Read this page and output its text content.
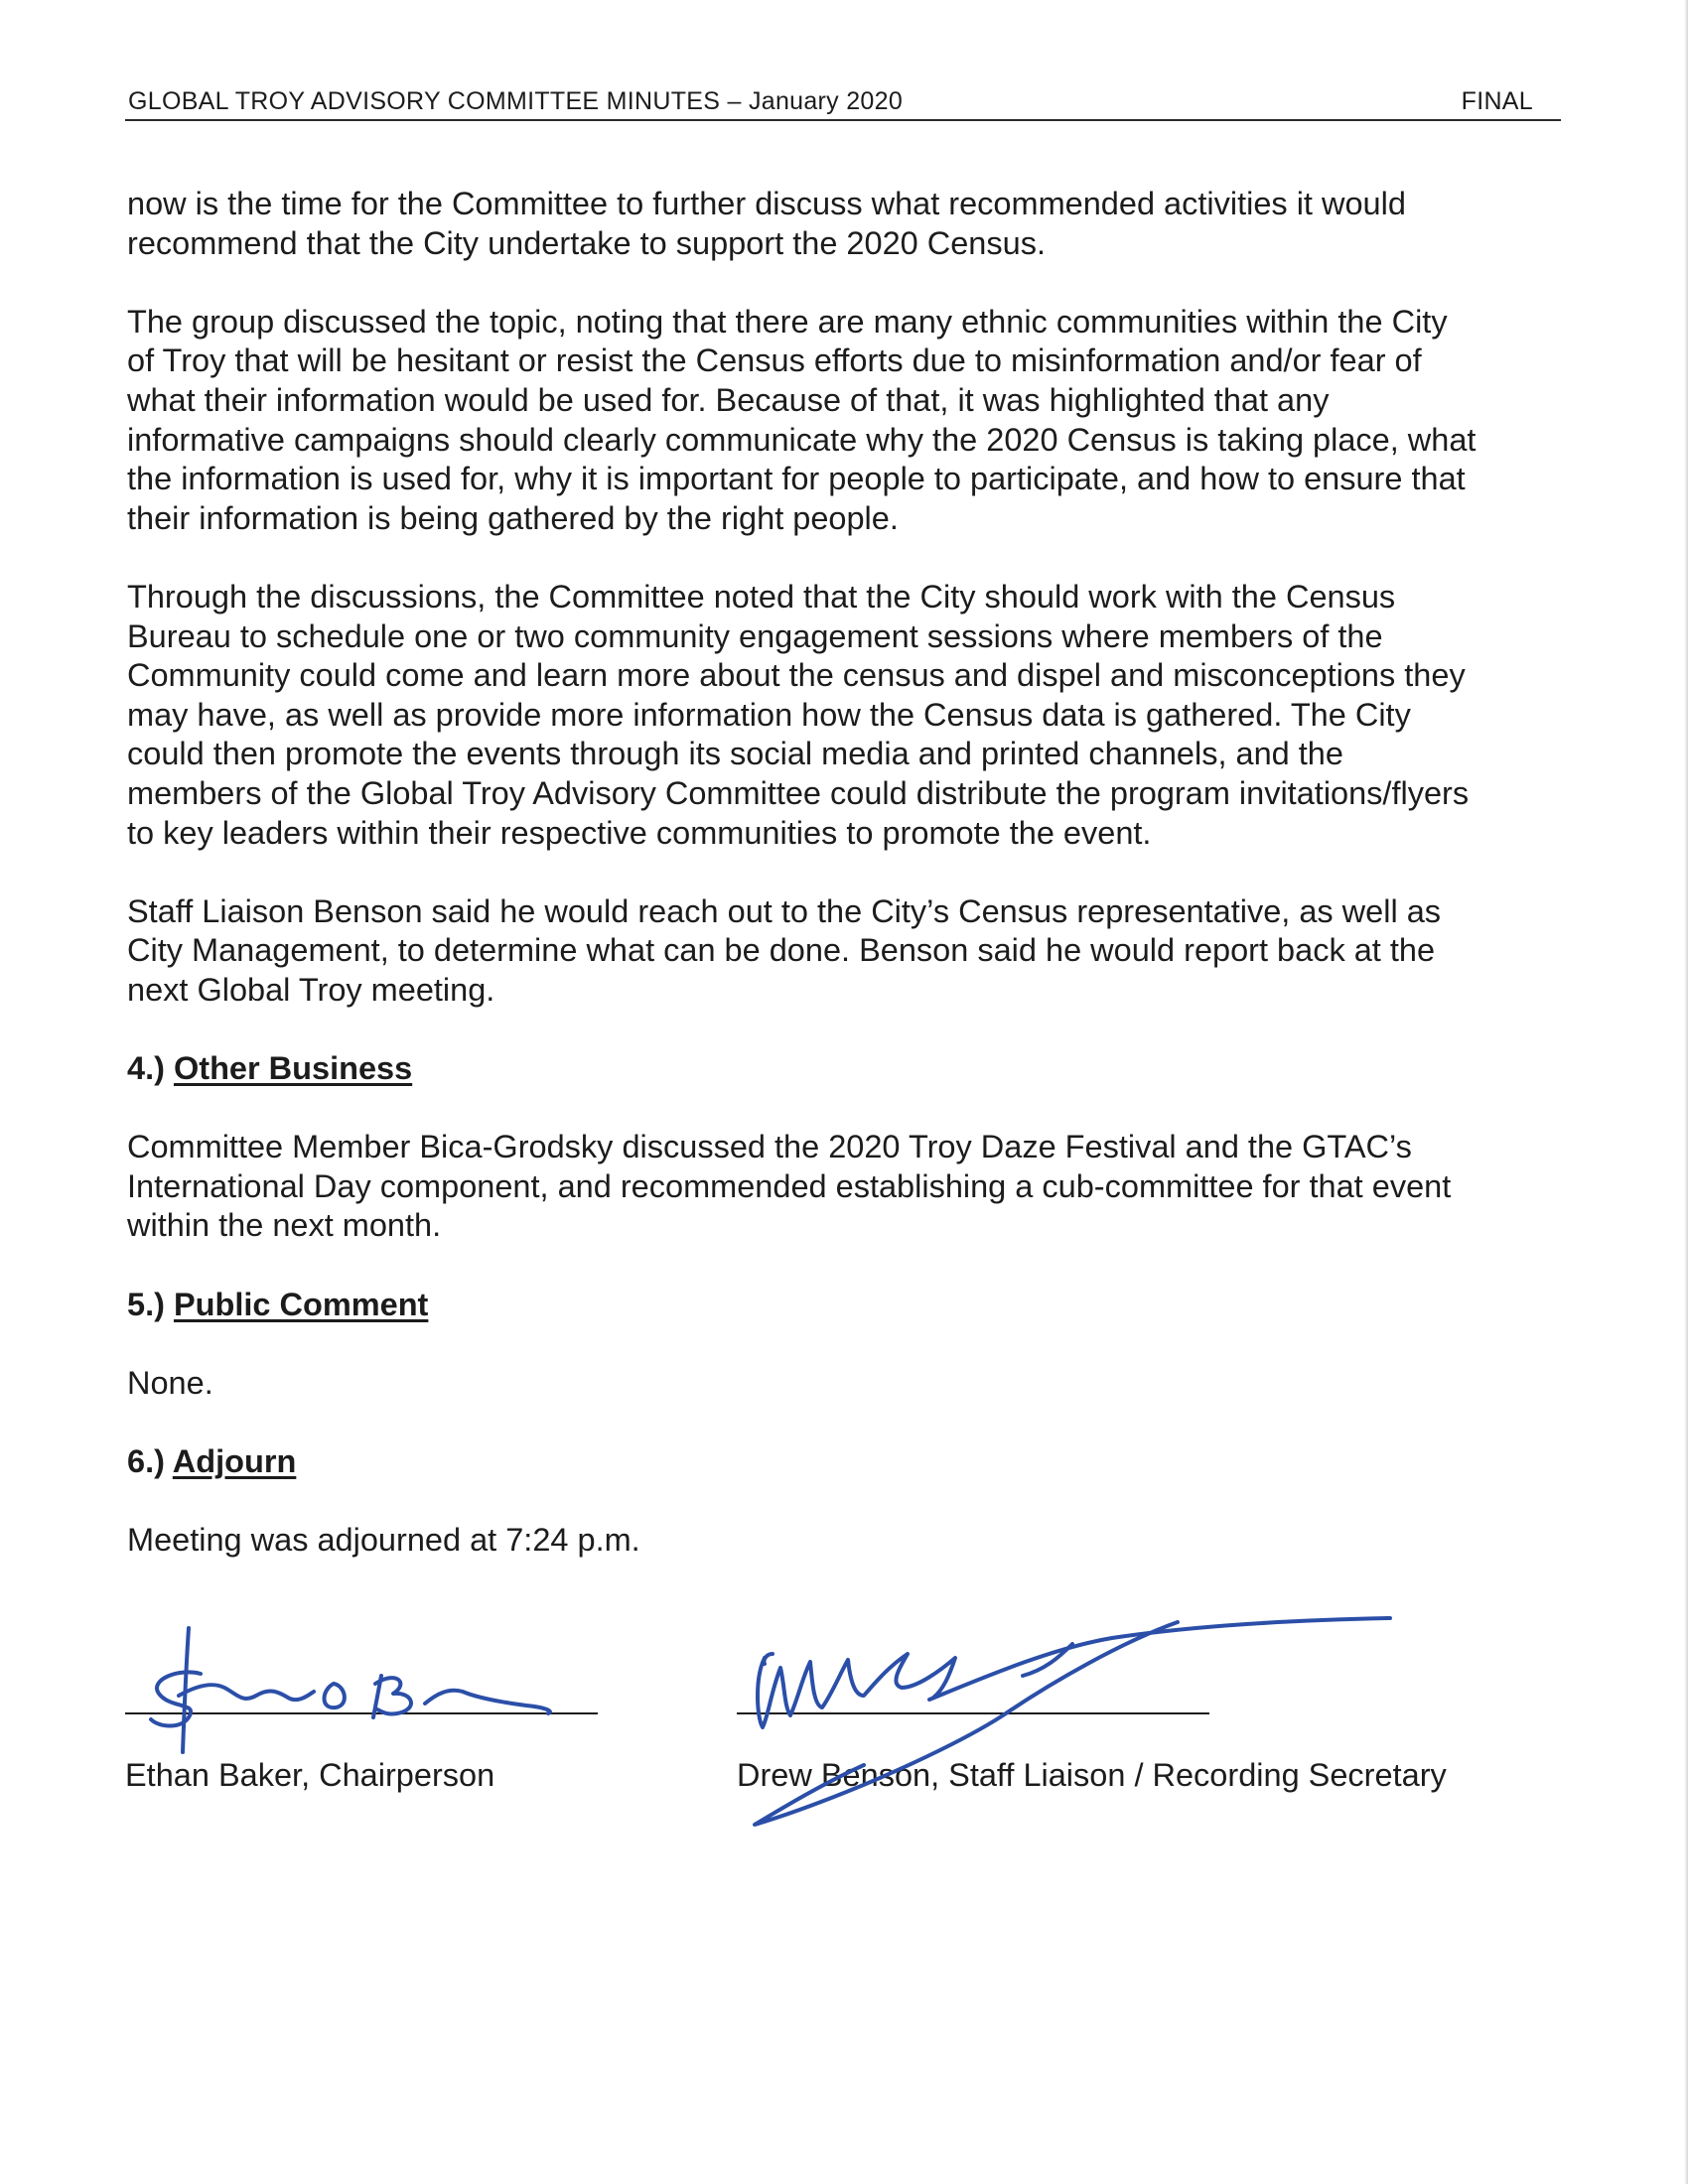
GLOBAL TROY ADVISORY COMMITTEE MINUTES – January 2020	FINAL

now is the time for the Committee to further discuss what recommended activities it would
recommend that the City undertake to support the 2020 Census.

The group discussed the topic, noting that there are many ethnic communities within the City
of Troy that will be hesitant or resist the Census efforts due to misinformation and/or fear of
what their information would be used for. Because of that, it was highlighted that any
informative campaigns should clearly communicate why the 2020 Census is taking place, what
the information is used for, why it is important for people to participate, and how to ensure that
their information is being gathered by the right people.

Through the discussions, the Committee noted that the City should work with the Census
Bureau to schedule one or two community engagement sessions where members of the
Community could come and learn more about the census and dispel and misconceptions they
may have, as well as provide more information how the Census data is gathered. The City
could then promote the events through its social media and printed channels, and the
members of the Global Troy Advisory Committee could distribute the program invitations/flyers
to key leaders within their respective communities to promote the event.

Staff Liaison Benson said he would reach out to the City’s Census representative, as well as
City Management, to determine what can be done. Benson said he would report back at the
next Global Troy meeting.

4.) Other Business

Committee Member Bica-Grodsky discussed the 2020 Troy Daze Festival and the GTAC’s
International Day component, and recommended establishing a cub-committee for that event
within the next month.

5.) Public Comment

None.

6.) Adjourn

Meeting was adjourned at 7:24 p.m.

Ethan Baker, Chairperson	Drew Benson, Staff Liaison / Recording Secretary
